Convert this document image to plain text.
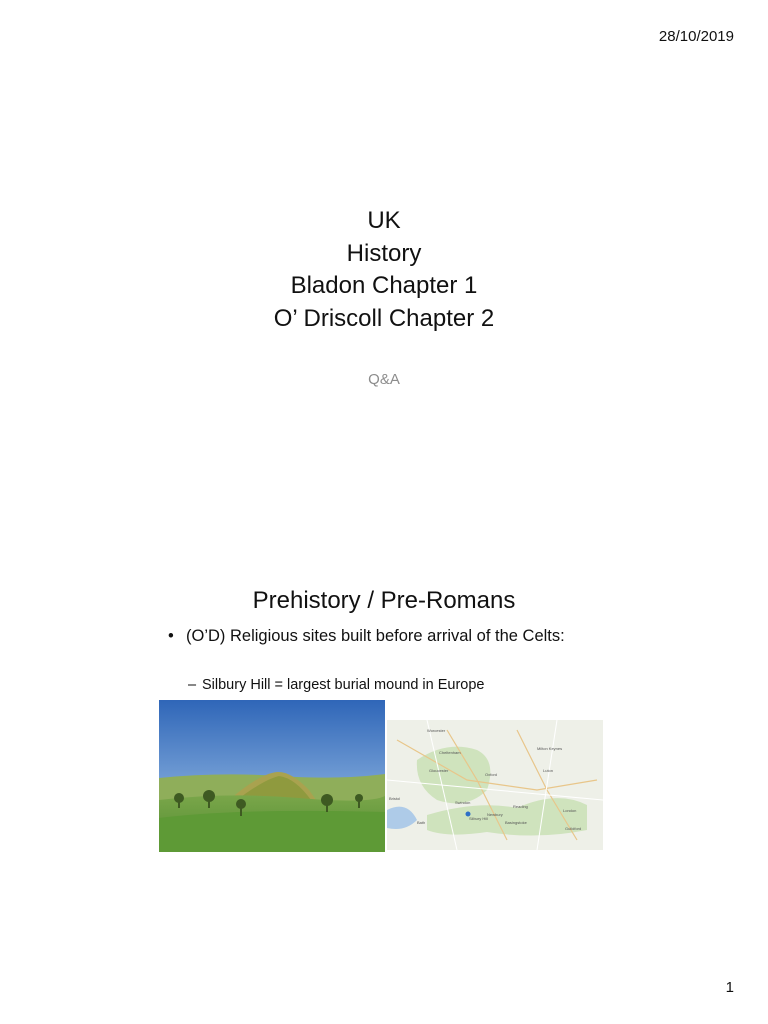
28/10/2019
UK
History
Bladon Chapter 1
O’ Driscoll Chapter 2
Q&A
Prehistory / Pre-Romans
• (O’D) Religious sites built before arrival of the Celts:
– Silbury Hill = largest burial mound in Europe
Worcester
Cheltenham
Gloucester
Swindon
Silbury Hill
Reading
London
Basingstoke
Oxford
Milton Keynes
Luton
Guildford
Newbury
Bristol
Bath
1
